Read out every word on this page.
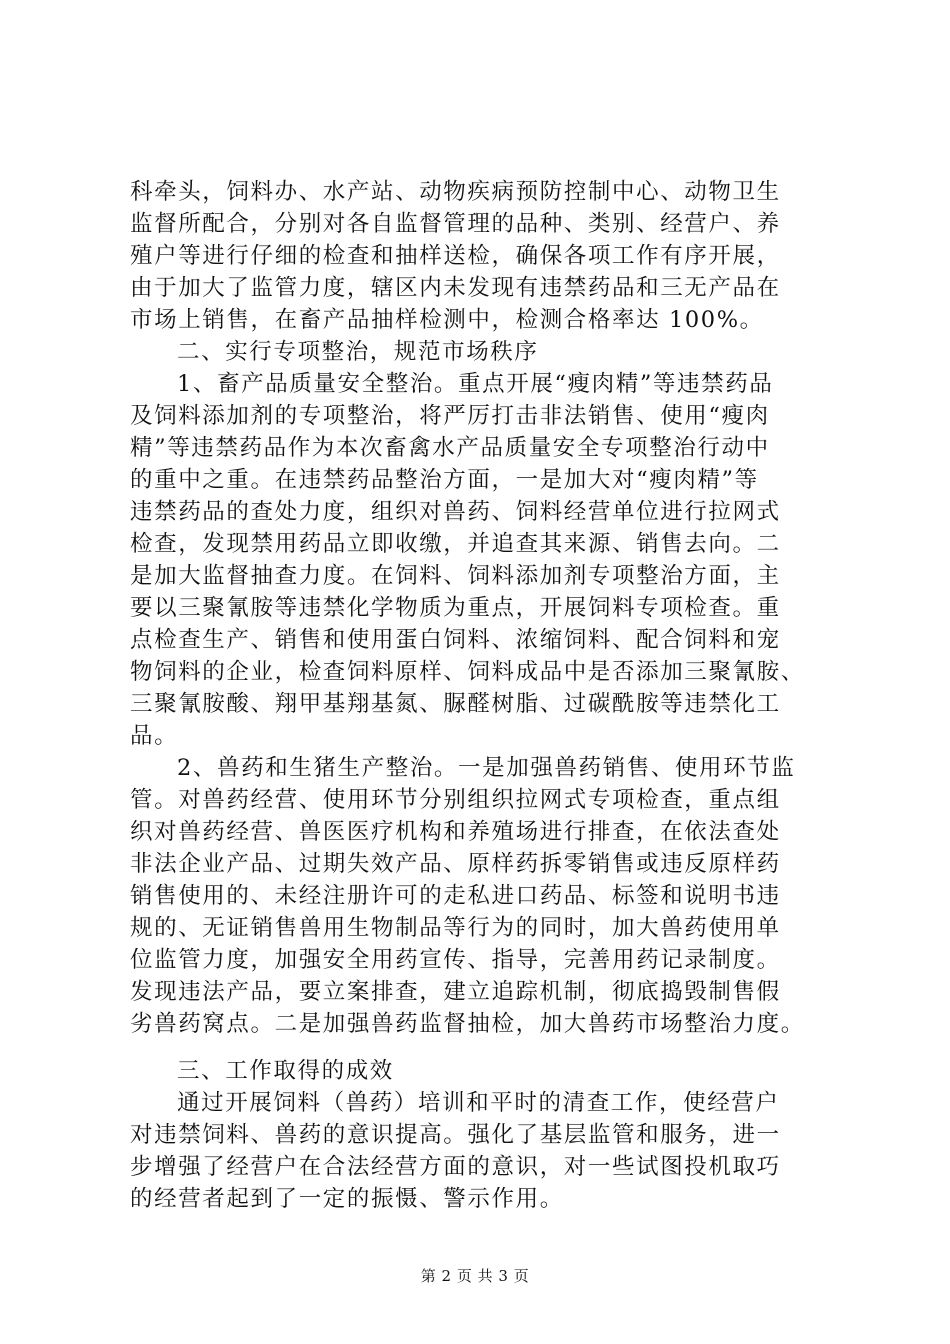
科牵头，饲料办、水产站、动物疾病预防控制中心、动物卫生
监督所配合，分别对各自监督管理的品种、类别、经营户、养
殖户等进行仔细的检查和抽样送检，确保各项工作有序开展，
由于加大了监管力度，辖区内未发现有违禁药品和三无产品在
市场上销售，在畜产品抽样检测中，检测合格率达 100%。
二、实行专项整治，规范市场秩序
1、畜产品质量安全整治。重点开展“瘦肉精”等违禁药品
及饲料添加剂的专项整治，将严厉打击非法销售、使用“瘦肉
精”等违禁药品作为本次畜禽水产品质量安全专项整治行动中
的重中之重。在违禁药品整治方面，一是加大对“瘦肉精”等
违禁药品的查处力度，组织对兽药、饲料经营单位进行拉网式
检查，发现禁用药品立即收缴，并追查其来源、销售去向。二
是加大监督抽查力度。在饲料、饲料添加剂专项整治方面，主
要以三聚氰胺等违禁化学物质为重点，开展饲料专项检查。重
点检查生产、销售和使用蛋白饲料、浓缩饲料、配合饲料和宠
物饲料的企业，检查饲料原样、饲料成品中是否添加三聚氰胺、
三聚氰胺酸、翔甲基翔基氮、脲醛树脂、过碳酰胺等违禁化工
品。
2、兽药和生猪生产整治。一是加强兽药销售、使用环节监
管。对兽药经营、使用环节分别组织拉网式专项检查，重点组
织对兽药经营、兽医医疗机构和养殖场进行排查，在依法查处
非法企业产品、过期失效产品、原样药拆零销售或违反原样药
销售使用的、未经注册许可的走私进口药品、标签和说明书违
规的、无证销售兽用生物制品等行为的同时，加大兽药使用单
位监管力度，加强安全用药宣传、指导，完善用药记录制度。
发现违法产品，要立案排查，建立追踪机制，彻底捣毁制售假
劣兽药窝点。二是加强兽药监督抽检，加大兽药市场整治力度。
三、工作取得的成效
通过开展饲料（兽药）培训和平时的清查工作，使经营户
对违禁饲料、兽药的意识提高。强化了基层监管和服务，进一
步增强了经营户在合法经营方面的意识，对一些试图投机取巧
的经营者起到了一定的振慑、警示作用。
第 2 页 共 3 页
